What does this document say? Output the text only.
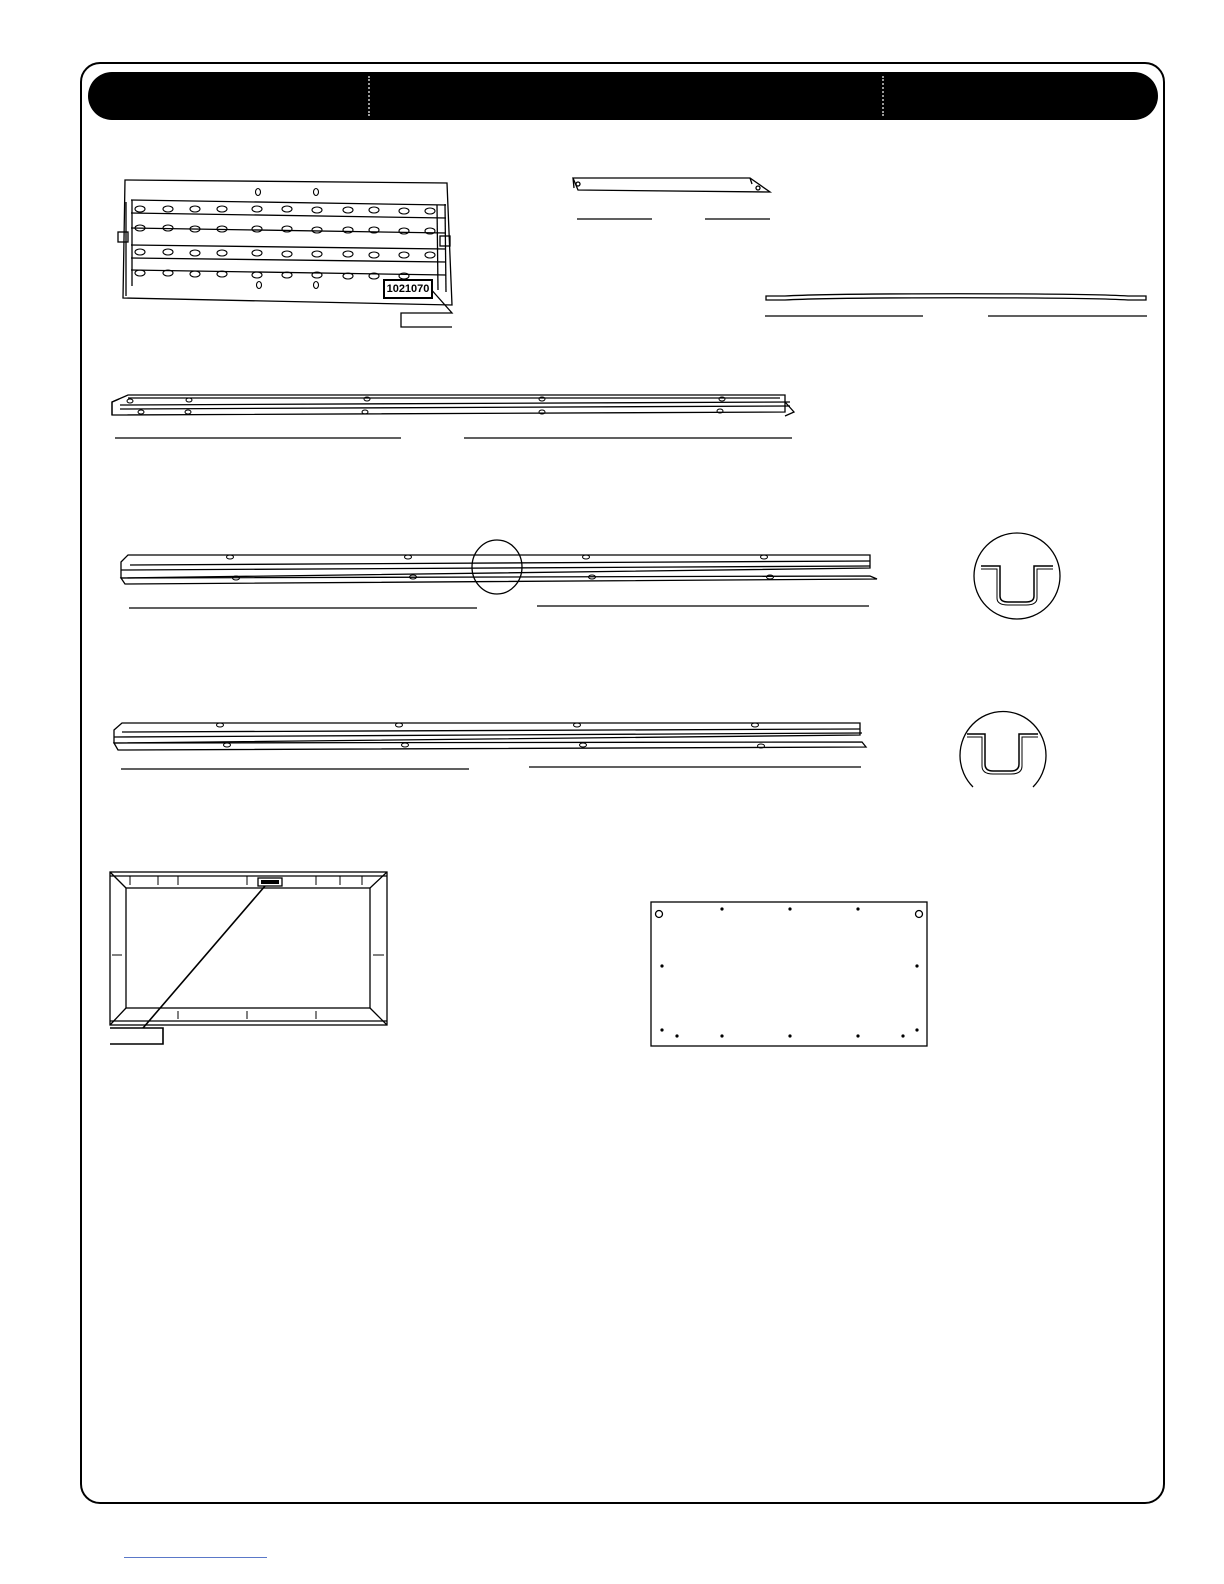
1021070
